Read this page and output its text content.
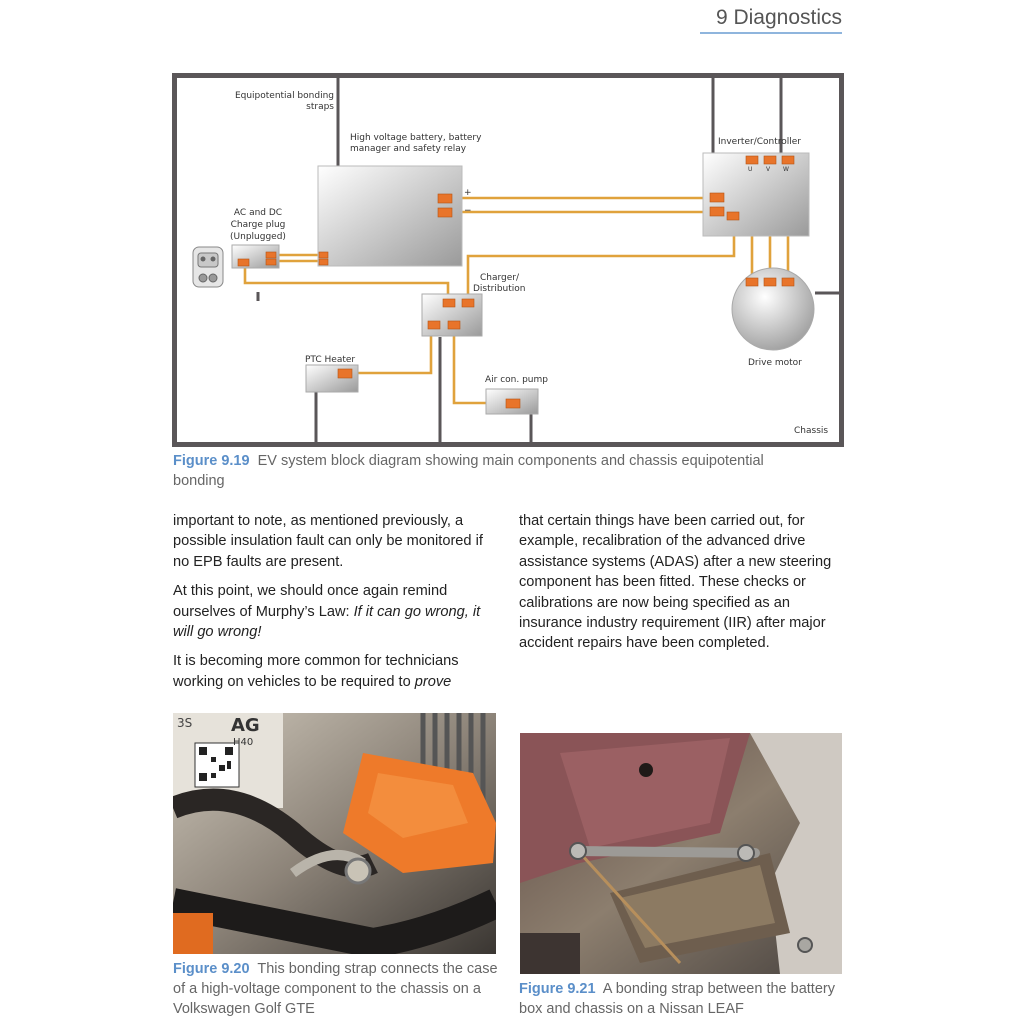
9 Diagnostics
Equipotential bonding
straps
High voltage battery, battery
manager and safety relay
Inverter/Controller
AC and DC
Charge plug
(Unplugged)
Charger/
Distribution
PTC Heater
Air con. pump
Drive motor
Chassis
+
−
U V W
Figure 9.19 EV system block diagram showing main components and chassis equipotential bonding

important to note, as mentioned previously, a possible insulation fault can only be monitored if no EPB faults are present.

At this point, we should once again remind ourselves of Murphy’s Law: If it can go wrong, it will go wrong!

It is becoming more common for technicians working on vehicles to be required to prove

that certain things have been carried out, for example, recalibration of the advanced drive assistance systems (ADAS) after a new steering component has been fitted. These checks or calibrations are now being specified as an insurance industry requirement (IIR) after major accident repairs have been completed.

3S AG
H40
Figure 9.20 This bonding strap connects the case of a high-voltage component to the chassis on a Volkswagen Golf GTE
Figure 9.21 A bonding strap between the battery box and chassis on a Nissan LEAF
